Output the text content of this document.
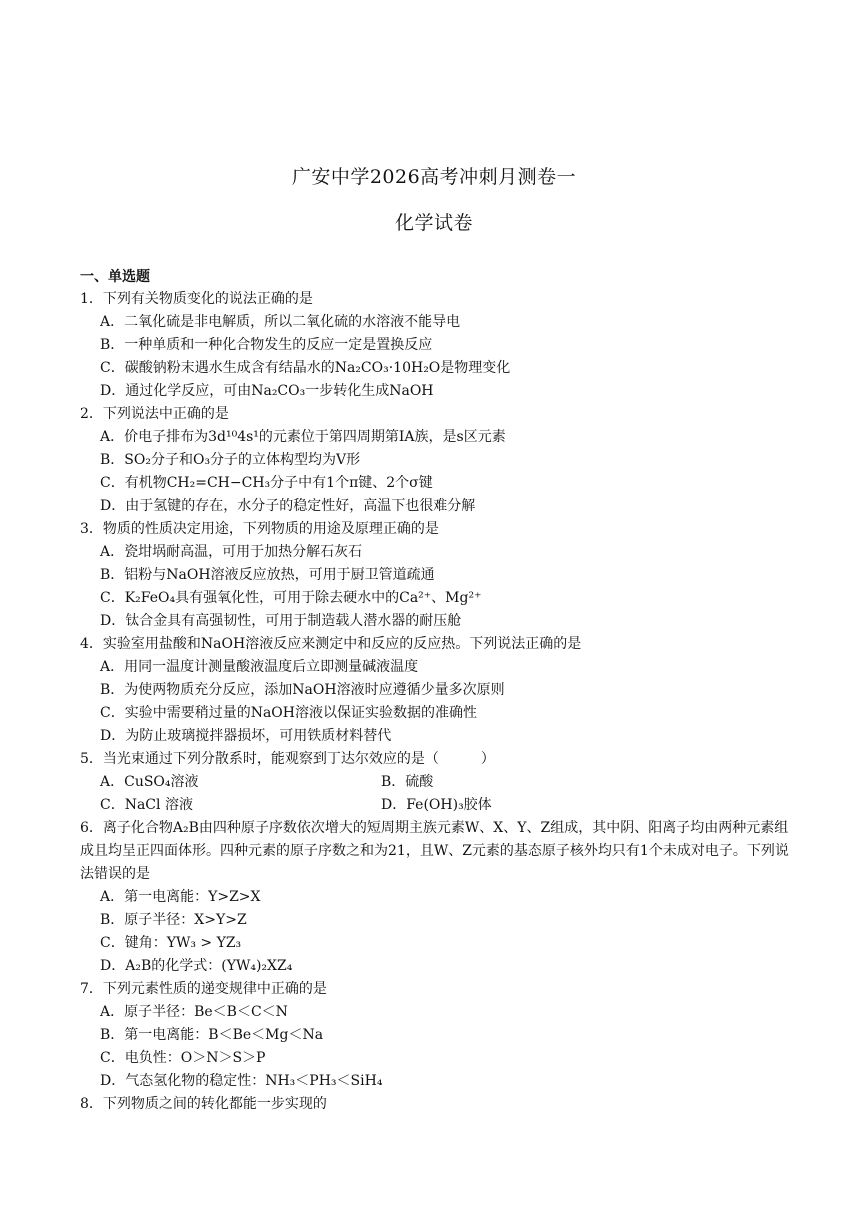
广安中学2026高考冲刺月测卷一
化学试卷
一、单选题
1．下列有关物质变化的说法正确的是
A．二氧化硫是非电解质，所以二氧化硫的水溶液不能导电
B．一种单质和一种化合物发生的反应一定是置换反应
C．碳酸钠粉末遇水生成含有结晶水的Na₂CO₃·10H₂O是物理变化
D．通过化学反应，可由Na₂CO₃一步转化生成NaOH
2．下列说法中正确的是
A．价电子排布为3d¹⁰4s¹的元素位于第四周期第IA族，是s区元素
B．SO₂分子和O₃分子的立体构型均为V形
C．有机物CH₂=CH−CH₃分子中有1个π键、2个σ键
D．由于氢键的存在，水分子的稳定性好，高温下也很难分解
3．物质的性质决定用途，下列物质的用途及原理正确的是
A．瓷坩埚耐高温，可用于加热分解石灰石
B．铝粉与NaOH溶液反应放热，可用于厨卫管道疏通
C．K₂FeO₄具有强氧化性，可用于除去硬水中的Ca²⁺、Mg²⁺
D．钛合金具有高强韧性，可用于制造载人潜水器的耐压舱
4．实验室用盐酸和NaOH溶液反应来测定中和反应的反应热。下列说法正确的是
A．用同一温度计测量酸液温度后立即测量碱液温度
B．为使两物质充分反应，添加NaOH溶液时应遵循少量多次原则
C．实验中需要稍过量的NaOH溶液以保证实验数据的准确性
D．为防止玻璃搅拌器损坏，可用铁质材料替代
5．当光束通过下列分散系时，能观察到丁达尔效应的是（　　　）
A．CuSO₄溶液	B．硫酸
C．NaCl 溶液	D．Fe(OH)₃胶体
6．离子化合物A₂B由四种原子序数依次增大的短周期主族元素W、X、Y、Z组成，其中阴、阳离子均由两种元素组成且均呈正四面体形。四种元素的原子序数之和为21，且W、Z元素的基态原子核外均只有1个未成对电子。下列说法错误的是
A．第一电离能：Y>Z>X
B．原子半径：X>Y>Z
C．键角：YW₃ > YZ₃
D．A₂B的化学式：(YW₄)₂XZ₄
7．下列元素性质的递变规律中正确的是
A．原子半径：Be＜B＜C＜N
B．第一电离能：B＜Be＜Mg＜Na
C．电负性：O＞N＞S＞P
D．气态氢化物的稳定性：NH₃＜PH₃＜SiH₄
8．下列物质之间的转化都能一步实现的
